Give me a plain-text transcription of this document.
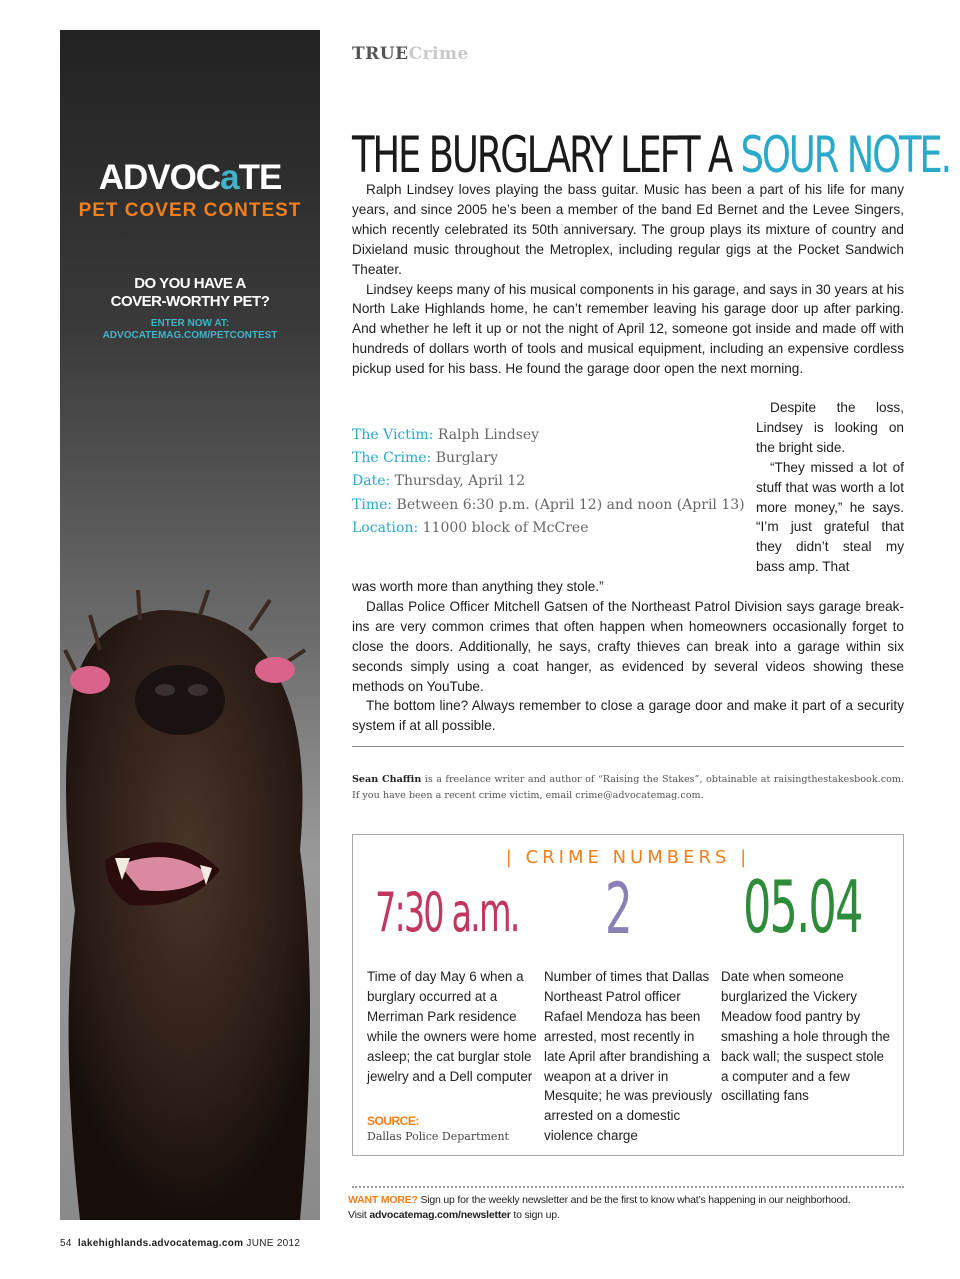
ADVOCaTE
PET COVER CONTEST
DO YOU HAVE A
COVER-WORTHY PET?
ENTER NOW AT:
ADVOCATEMAG.COM/PETCONTEST
TRUECrime
THE BURGLARY LEFT A SOUR NOTE.

Ralph Lindsey loves playing the bass guitar. Music has been a part of his life for many years, and since 2005 he’s been a member of the band Ed Bernet and the Levee Singers, which recently celebrated its 50th anniversary. The group plays its mixture of country and Dixieland music throughout the Metroplex, including regular gigs at the Pocket Sandwich Theater.

Lindsey keeps many of his musical components in his garage, and says in 30 years at his North Lake Highlands home, he can’t remember leaving his garage door up after parking. And whether he left it up or not the night of April 12, someone got inside and made off with hundreds of dollars worth of tools and musical equipment, including an expensive cordless pickup used for his bass. He found the garage door open the next morning.

The Victim: Ralph Lindsey
The Crime: Burglary
Date: Thursday, April 12
Time: Between 6:30 p.m. (April 12) and noon (April 13)
Location: 11000 block of McCree

Despite the loss, Lindsey is looking on the bright side.

“They missed a lot of stuff that was worth a lot more money,” he says. “I’m just grateful that they didn’t steal my bass amp. That

was worth more than anything they stole.”

Dallas Police Officer Mitchell Gatsen of the Northeast Patrol Division says garage break-ins are very common crimes that often happen when homeowners occasionally forget to close the doors. Additionally, he says, crafty thieves can break into a garage within six seconds simply using a coat hanger, as evidenced by several videos showing these methods on YouTube.

The bottom line? Always remember to close a garage door and make it part of a security system if at all possible.

Sean Chaffin is a freelance writer and author of “Raising the Stakes”, obtainable at raisingthestakesbook.com. If you have been a recent crime victim, email crime@advocatemag.com.
| CRIME NUMBERS |
7:30 a.m. 2 05.04
Time of day May 6 when a burglary occurred at a Merriman Park residence while the owners were home asleep; the cat burglar stole jewelry and a Dell computer
Number of times that Dallas Northeast Patrol officer Rafael Mendoza has been arrested, most recently in late April after brandishing a weapon at a driver in Mesquite; he was previously arrested on a domestic violence charge
Date when someone burglarized the Vickery Meadow food pantry by smashing a hole through the back wall; the suspect stole a computer and a few oscillating fans
SOURCE:
Dallas Police Department
WANT MORE? Sign up for the weekly newsletter and be the first to know what’s happening in our neighborhood.
Visit advocatemag.com/newsletter to sign up.
54 lakehighlands.advocatemag.com JUNE 2012
